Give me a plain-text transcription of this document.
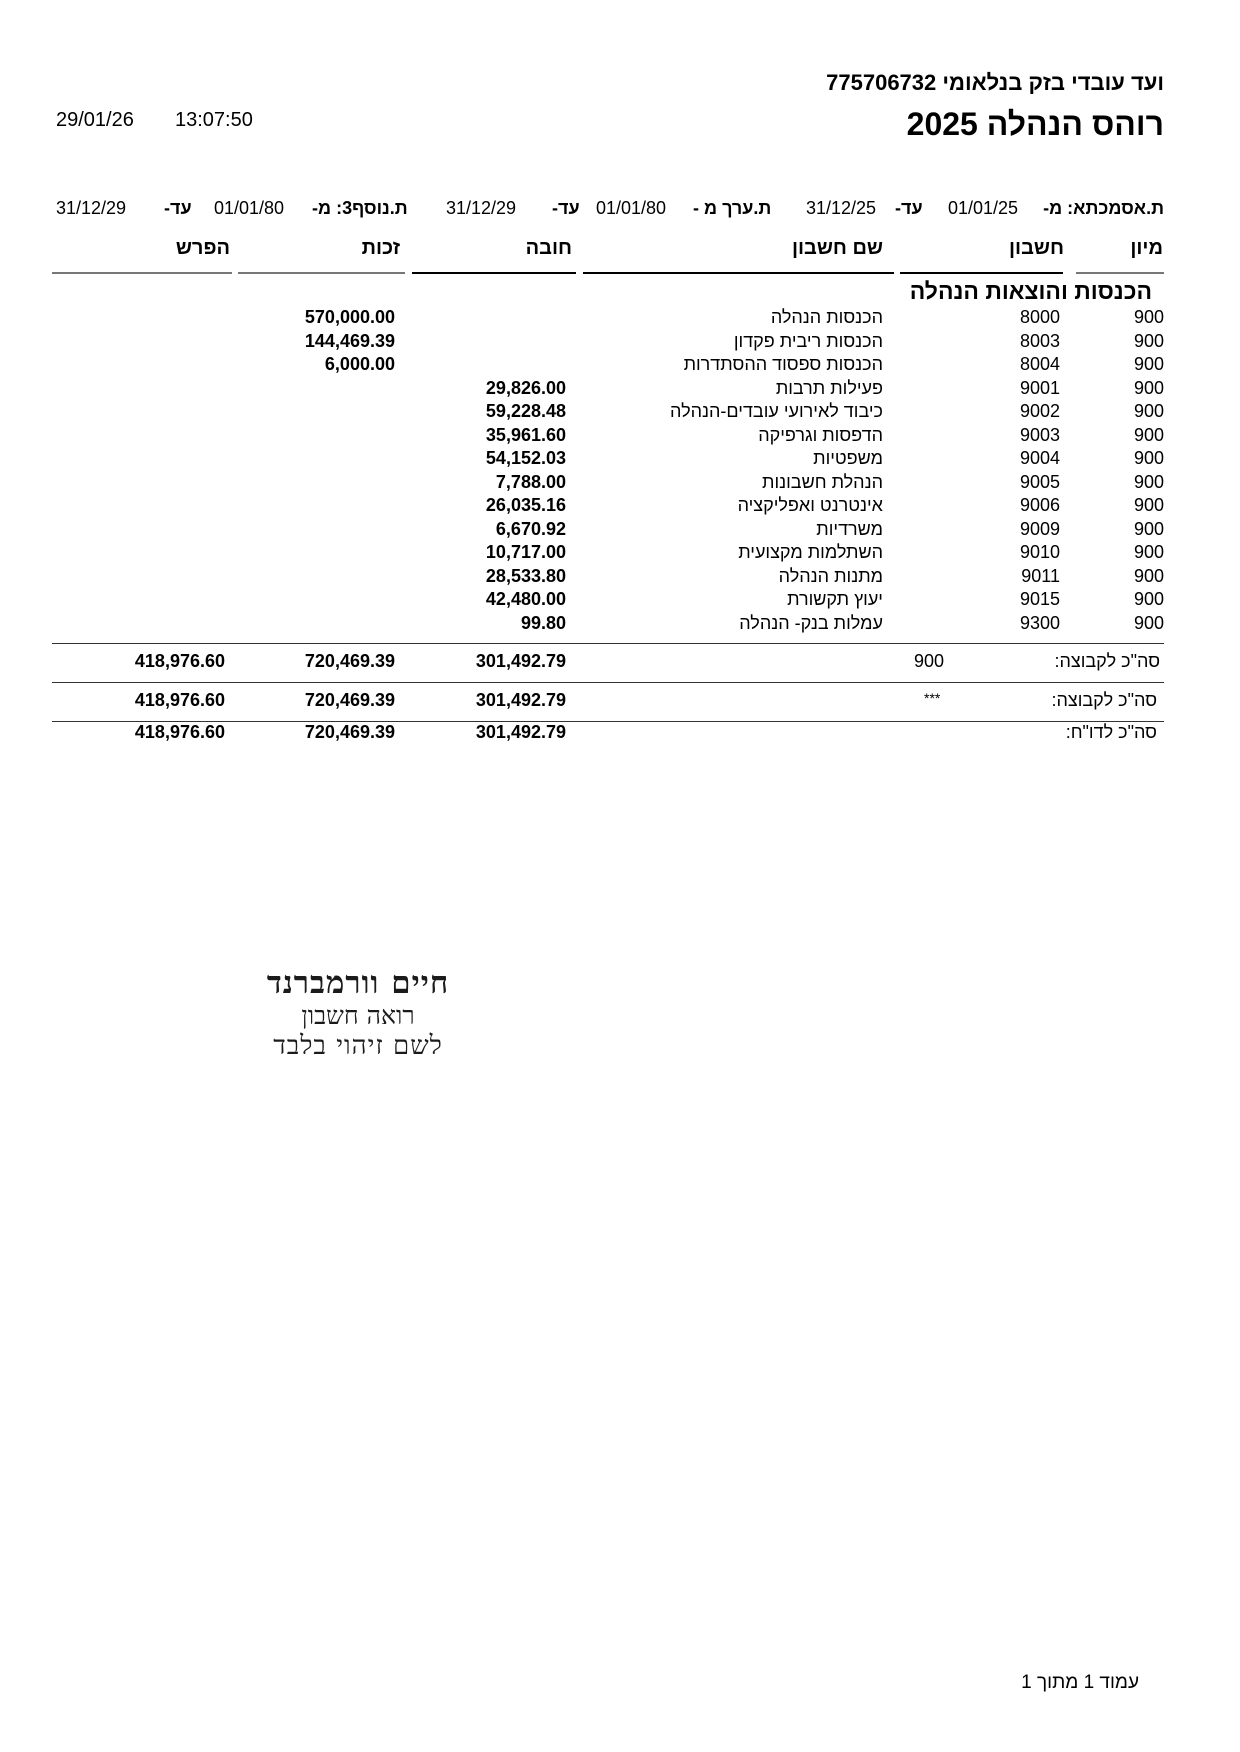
ועד עובדי בזק בנלאומי 775706732
רוהס הנהלה 2025
29/01/26 13:07:50
ת.אסמכתא: מ-
01/01/25
עד-
31/12/25
ת.ערך מ -
01/01/80
עד-
31/12/29
ת.נוסף3: מ-
01/01/80
עד-
31/12/29
מיון
חשבון
שם חשבון
חובה
זכות
הפרש
הכנסות והוצאות הנהלה
900
8000
הכנסות הנהלה
570,000.00
900
8003
הכנסות ריבית פקדון
144,469.39
900
8004
הכנסות ספסוד ההסתדרות
6,000.00
900
9001
פעילות תרבות
29,826.00
900
9002
כיבוד לאירועי עובדים-הנהלה
59,228.48
900
9003
הדפסות וגרפיקה
35,961.60
900
9004
משפטיות
54,152.03
900
9005
הנהלת חשבונות
7,788.00
900
9006
אינטרנט ואפליקציה
26,035.16
900
9009
משרדיות
6,670.92
900
9010
השתלמות מקצועית
10,717.00
900
9011
מתנות הנהלה
28,533.80
900
9015
יעוץ תקשורת
42,480.00
900
9300
עמלות בנק- הנהלה
99.80
סה"כ לקבוצה:
900
301,492.79
720,469.39
418,976.60
סה"כ לקבוצה:
***
301,492.79
720,469.39
418,976.60
סה"כ לדו"ח:
301,492.79
720,469.39
418,976.60
חיים וורמברנד
רואה חשבון
לשם זיהוי בלבד
עמוד 1 מתוך 1
